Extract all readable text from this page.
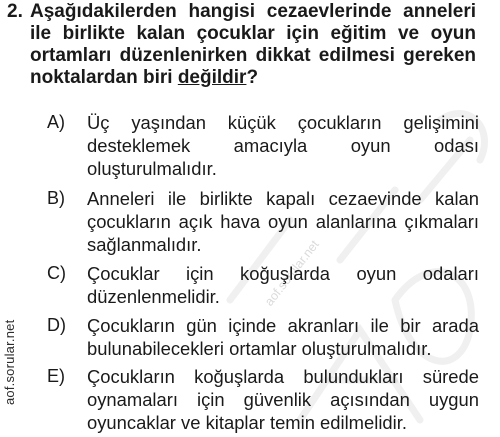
aof.sorular.net
aof.sorular.net
2. Aşağıdakilerden hangisi cezaevlerinde anneleri ile birlikte kalan çocuklar için eğitim ve oyun ortamları düzenlenirken dikkat edilmesi gereken noktalardan biri değildir?
A) Üç yaşından küçük çocukların gelişimini desteklemek amacıyla oyun odası oluşturulmalıdır.
B) Anneleri ile birlikte kapalı cezaevinde kalan çocukların açık hava oyun alanlarına çıkmaları sağlanmalıdır.
C) Çocuklar için koğuşlarda oyun odaları düzenlenmelidir.
D) Çocukların gün içinde akranları ile bir arada bulunabilecekleri ortamlar oluşturulmalıdır.
E) Çocukların koğuşlarda bulundukları sürede oynamaları için güvenlik açısından uygun oyuncaklar ve kitaplar temin edilmelidir.
